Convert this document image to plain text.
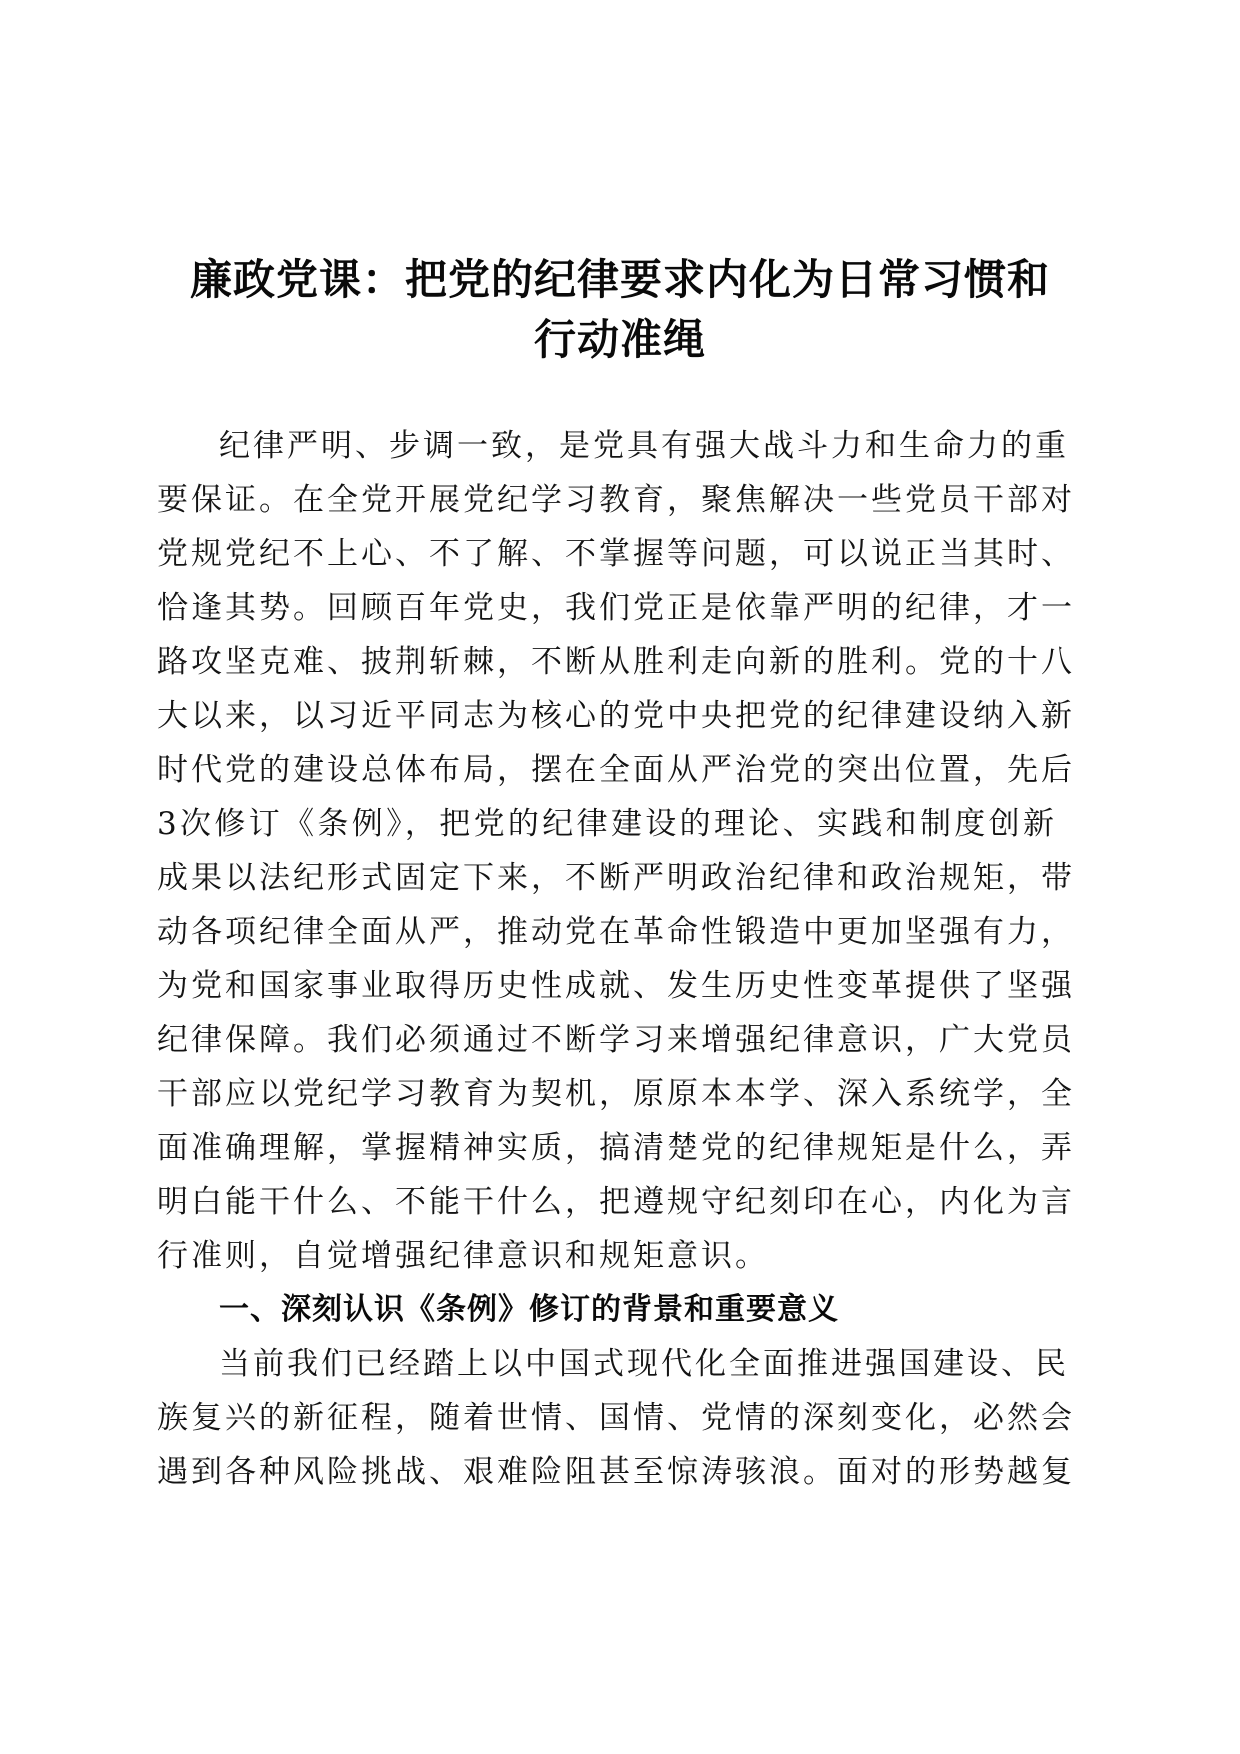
廉政党课：把党的纪律要求内化为日常习惯和
行动准绳

纪律严明、步调一致，是党具有强大战斗力和生命力的重
要保证。在全党开展党纪学习教育，聚焦解决一些党员干部对
党规党纪不上心、不了解、不掌握等问题，可以说正当其时、
恰逢其势。回顾百年党史，我们党正是依靠严明的纪律，才一
路攻坚克难、披荆斩棘，不断从胜利走向新的胜利。党的十八
大以来，以习近平同志为核心的党中央把党的纪律建设纳入新
时代党的建设总体布局，摆在全面从严治党的突出位置，先后
3次修订《条例》，把党的纪律建设的理论、实践和制度创新
成果以法纪形式固定下来，不断严明政治纪律和政治规矩，带
动各项纪律全面从严，推动党在革命性锻造中更加坚强有力，
为党和国家事业取得历史性成就、发生历史性变革提供了坚强
纪律保障。我们必须通过不断学习来增强纪律意识，广大党员
干部应以党纪学习教育为契机，原原本本学、深入系统学，全
面准确理解，掌握精神实质，搞清楚党的纪律规矩是什么，弄
明白能干什么、不能干什么，把遵规守纪刻印在心，内化为言
行准则，自觉增强纪律意识和规矩意识。

一、深刻认识《条例》修订的背景和重要意义

当前我们已经踏上以中国式现代化全面推进强国建设、民
族复兴的新征程，随着世情、国情、党情的深刻变化，必然会
遇到各种风险挑战、艰难险阻甚至惊涛骇浪。面对的形势越复
